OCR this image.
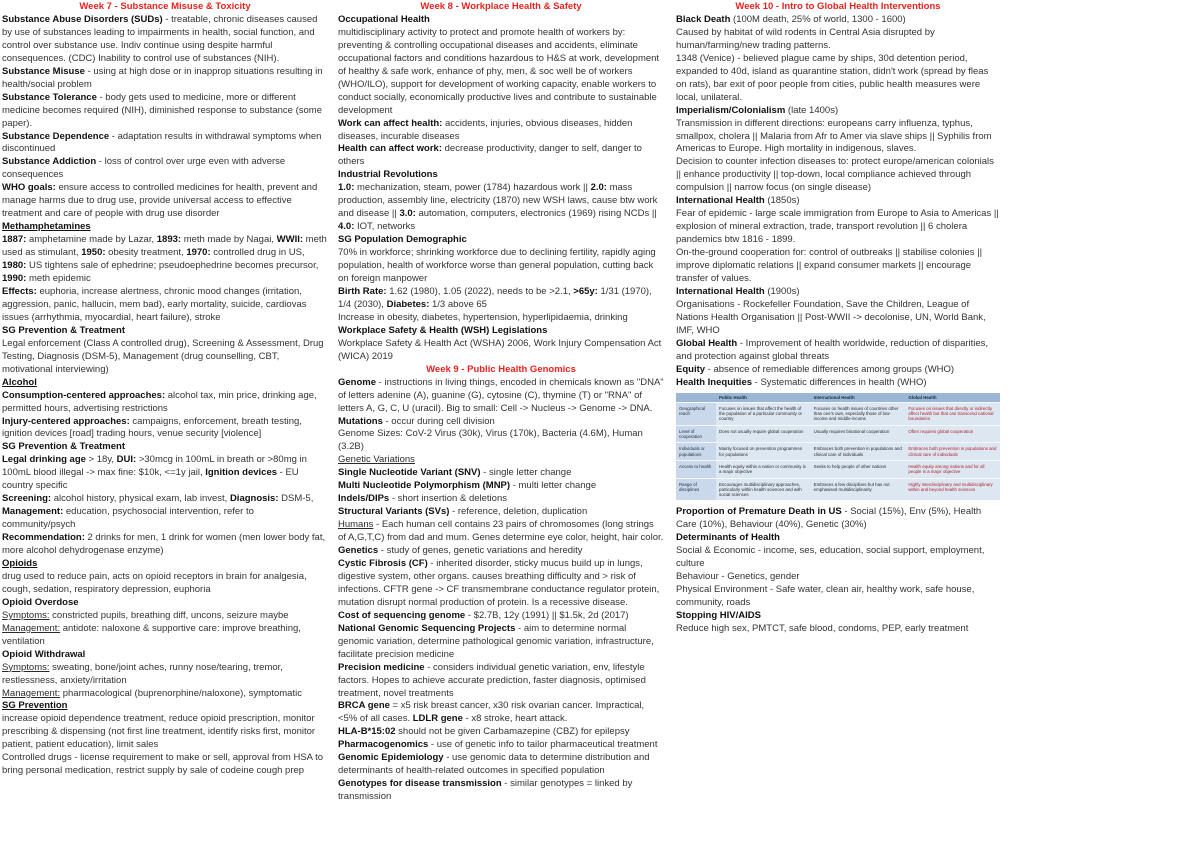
Week 7 - Substance Misuse & Toxicity

Substance Abuse Disorders (SUDs) - treatable, chronic diseases caused by use of substances leading to impairments in health, social function, and control over substance use. Indiv continue using despite harmful consequences. (CDC) Inability to control use of substances (NIH).

Substance Misuse - using at high dose or in inapprop situations resulting in health/social problem

Substance Tolerance - body gets used to medicine, more or different medicine becomes required (NIH), diminished response to substance (some paper).

Substance Dependence - adaptation results in withdrawal symptoms when discontinued

Substance Addiction - loss of control over urge even with adverse consequences

WHO goals: ensure access to controlled medicines for health, prevent and manage harms due to drug use, provide universal access to effective treatment and care of people with drug use disorder

Methamphetamines

1887: amphetamine made by Lazar, 1893: meth made by Nagai, WWII: meth used as stimulant, 1950: obesity treatment, 1970: controlled drug in US, 1980: US tightens sale of ephedrine; pseudoephedrine becomes precursor, 1990: meth epidemic

Effects: euphoria, increase alertness, chronic mood changes (irritation, aggression, panic, hallucin, mem bad), early mortality, suicide, cardiovas issues (arrhythmia, myocardial, heart failure), stroke

SG Prevention & Treatment

Legal enforcement (Class A controlled drug), Screening & Assessment, Drug Testing, Diagnosis (DSM-5), Management (drug counselling, CBT, motivational interviewing)

Alcohol

Consumption-centered approaches: alcohol tax, min price, drinking age, permitted hours, advertising restrictions

Injury-centered approaches: campaigns, enforcement, breath testing, ignition devices [road] trading hours, venue security [violence]

SG Prevention & Treatment

Legal drinking age > 18y, DUI: >30mcg in 100mL in breath or >80mg in 100mL blood illegal -> max fine: $10k, <=1y jail, Ignition devices - EU country specific

Screening: alcohol history, physical exam, lab invest, Diagnosis: DSM-5, Management: education, psychosocial intervention, refer to community/psych

Recommendation: 2 drinks for men, 1 drink for women (men lower body fat, more alcohol dehydrogenase enzyme)

Opioids

drug used to reduce pain, acts on opioid receptors in brain for analgesia, cough, sedation, respiratory depression, euphoria

Opioid Overdose

Symptoms: constricted pupils, breathing diff, uncons, seizure maybe

Management: antidote: naloxone & supportive care: improve breathing, ventilation

Opioid Withdrawal

Symptoms: sweating, bone/joint aches, runny nose/tearing, tremor, restlessness, anxiety/irritation

Management: pharmacological (buprenorphine/naloxone), symptomatic

SG Prevention

increase opioid dependence treatment, reduce opioid prescription, monitor prescribing & dispensing (not first line treatment, identify risks first, monitor patient, patient education), limit sales

Controlled drugs - license requirement to make or sell, approval from HSA to bring personal medication, restrict supply by sale of codeine cough prep

Week 8 - Workplace Health & Safety

Occupational Health

multidisciplinary activity to protect and promote health of workers by:

preventing & controlling occupational diseases and accidents, eliminate occupational factors and conditions hazardous to H&S at work, development of healthy & safe work, enhance of phy, men, & soc well be of workers (WHO/ILO), support for development of working capacity, enable workers to conduct socially, economically productive lives and contribute to sustainable development

Work can affect health: accidents, injuries, obvious diseases, hidden diseases, incurable diseases

Health can affect work: decrease productivity, danger to self, danger to others

Industrial Revolutions

1.0: mechanization, steam, power (1784) hazardous work || 2.0: mass production, assembly line, electricity (1870) new WSH laws, cause btw work and disease || 3.0: automation, computers, electronics (1969) rising NCDs || 4.0: IOT, networks

SG Population Demographic

70% in workforce; shrinking workforce due to declining fertility, rapidly aging population, health of workforce worse than general population, cutting back on foreign manpower

Birth Rate: 1.62 (1980), 1.05 (2022), needs to be >2.1, >65y: 1/31 (1970), 1/4 (2030), Diabetes: 1/3 above 65

Increase in obesity, diabetes, hypertension, hyperlipidaemia, drinking

Workplace Safety & Health (WSH) Legislations

Workplace Safety & Health Act (WSHA) 2006, Work Injury Compensation Act (WICA) 2019

Week 9 - Public Health Genomics

Genome - instructions in living things, encoded in chemicals known as "DNA" of letters adenine (A), guanine (G), cytosine (C), thymine (T) or "RNA" of letters A, G, C, U (uracil). Big to small: Cell -> Nucleus -> Genome -> DNA. Mutations - occur during cell division

Genome Sizes: CoV-2 Virus (30k), Virus (170k), Bacteria (4.6M), Human (3.2B)

Genetic Variations

Single Nucleotide Variant (SNV) - single letter change

Multi Nucleotide Polymorphism (MNP) - multi letter change

Indels/DIPs - short insertion & deletions

Structural Variants (SVs) - reference, deletion, duplication

Humans - Each human cell contains 23 pairs of chromosomes (long strings of A,G,T,C) from dad and mum. Genes determine eye color, height, hair color.

Genetics - study of genes, genetic variations and heredity

Cystic Fibrosis (CF) - inherited disorder, sticky mucus build up in lungs, digestive system, other organs. causes breathing difficulty and > risk of infections. CFTR gene -> CF transmembrane conductance regulator protein, mutation disrupt normal production of protein. Is a recessive disease.

Cost of sequencing genome - $2.7B, 12y (1991) || $1.5k, 2d (2017)

National Genomic Sequencing Projects - aim to determine normal genomic variation, determine pathological genomic variation, infrastructure, facilitate precision medicine

Precision medicine - considers individual genetic variation, env, lifestyle factors. Hopes to achieve accurate prediction, faster diagnosis, optimised treatment, novel treatments

BRCA gene = x5 risk breast cancer, x30 risk ovarian cancer. Impractical, <5% of all cases. LDLR gene - x8 stroke, heart attack.

HLA-B*15:02 should not be given Carbamazepine (CBZ) for epilepsy

Pharmacogenomics - use of genetic info to tailor pharmaceutical treatment

Genomic Epidemiology - use genomic data to determine distribution and determinants of health-related outcomes in specified population

Genotypes for disease transmission - similar genotypes = linked by transmission

Week 10 - Intro to Global Health Interventions

Black Death (100M death, 25% of world, 1300 - 1600)

Caused by habitat of wild rodents in Central Asia disrupted by human/farming/new trading patterns.

1348 (Venice) - believed plague came by ships, 30d detention period, expanded to 40d, island as quarantine station, didn't work (spread by fleas on rats), bar exit of poor people from cities, public health measures were local, unilateral.

Imperialism/Colonialism (late 1400s)

Transmission in different directions: europeans carry influenza, typhus, smallpox, cholera || Malaria from Afr to Amer via slave ships || Syphilis from Americas to Europe. High mortality in indigenous, slaves.

Decision to counter infection diseases to: protect europe/american colonials || enhance productivity || top-down, local compliance achieved through compulsion || narrow focus (on single disease)

International Health (1850s)

Fear of epidemic - large scale immigration from Europe to Asia to Americas || explosion of mineral extraction, trade, transport revolution || 6 cholera pandemics btw 1816 - 1899.

On-the-ground cooperation for: control of outbreaks || stabilise colonies || improve diplomatic relations || expand consumer markets || encourage transfer of values.

International Health (1900s)

Organisations - Rockefeller Foundation, Save the Children, League of Nations Health Organisation || Post-WWII -> decolonise, UN, World Bank, IMF, WHO

Global Health - Improvement of health worldwide, reduction of disparities, and protection against global threats

Equity - absence of remediable differences among groups (WHO)

Health Inequities - Systematic differences in health (WHO)

	Public Health	International Health	Global Health
Geographical reach	Focuses on issues that affect the health of the population of a particular community or country	Focuses on health issues of countries other than one's own, especially those of low-income and middle-income	Focuses on issues that directly or indirectly affect health but that can transcend national boundaries
Level of cooperation	Does not usually require global cooperation	Usually requires binational cooperation	Often requires global cooperation
Individuals or populations	Mainly focused on prevention programmes for populations	Embraces both prevention in populations and clinical care of individuals	Embraces both prevention in populations and clinical care of individuals
Access to health	Health equity within a nation or community is a major objective	Seeks to help people of other nations	Health equity among nations and for all people is a major objective
Range of disciplines	Encourages multidisciplinary approaches, particularly within health sciences and with social sciences	Embraces a few disciplines but has not emphasised multidisciplinarity	Highly interdisciplinary and multidisciplinary within and beyond health sciences

Proportion of Premature Death in US - Social (15%), Env (5%), Health Care (10%), Behaviour (40%), Genetic (30%)

Determinants of Health

Social & Economic - income, ses, education, social support, employment, culture

Behaviour - Genetics, gender

Physical Environment - Safe water, clean air, healthy work, safe house, community, roads

Stopping HIV/AIDS

Reduce high sex, PMTCT, safe blood, condoms, PEP, early treatment
